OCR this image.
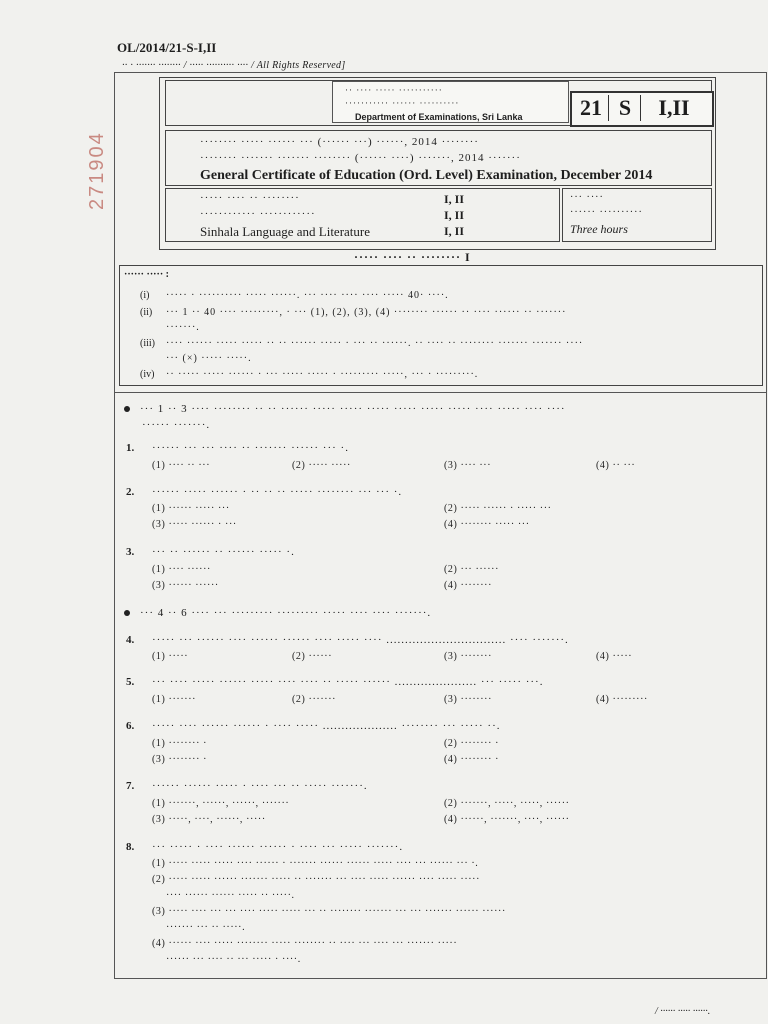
OL/2014/21-S-I,II
·· · ······· ········ / ····· ·········· ···· / All Rights Reserved]
271904
·· ···· ····· ···········
··········· ······ ··········
Department of Examinations, Sri Lanka	21 S	I,II
········ ····· ······ ··· (······ ···) ······, 2014 ········
········ ······· ······· ········ (······ ····) ·······, 2014 ·······
General Certificate of Education (Ord. Level) Examination, December 2014
····· ···· ·· ········
············ ············
Sinhala Language and Literature
I, II
I, II
I, II
··· ····
······ ··········
Three hours
····· ···· ·· ········ I
······ ····· :
(i) ····· · ·········· ····· ······. ··· ···· ···· ···· ····· 40· ····.
(ii) ··· 1 ·· 40 ···· ·········, · ··· (1), (2), (3), (4) ········ ······ ·· ···· ······ ·· ·······
·······.
(iii) ···· ······ ····· ····· ·· ·· ······ ····· · ··· ·· ······. ·· ···· ·· ········ ······· ······· ····
··· (×) ····· ·····.
(iv) ·· ····· ····· ······ · ··· ····· ····· · ········· ·····, ··· · ·········.
··· 1 ·· 3 ···· ········ ·· ·· ······ ····· ····· ····· ····· ····· ····· ···· ····· ···· ····
······ ·······.
1. ······ ··· ··· ···· ·· ······· ······ ··· ·.
(1) ···· ·· ···	(2) ····· ·····	(3) ···· ···	(4) ·· ···
2. ······ ····· ······ · ·· ·· ·· ····· ········ ··· ··· ·.
(1) ······ ····· ···	(2) ····· ······ · ····· ···
(3) ····· ······ · ···	(4) ········ ····· ···
3. ··· ·· ······ ·· ······ ····· ·.
(1) ···· ······	(2) ··· ······
(3) ······ ······	(4) ········
··· 4 ·· 6 ···· ··· ········· ········· ····· ···· ···· ·······.
4. ····· ··· ······ ···· ······ ······ ···· ····· ···· ................................ ···· ·······.
(1) ·····	(2) ······	(3) ········	(4) ·····
5. ··· ···· ····· ······ ····· ···· ···· ·· ····· ······ ...................... ··· ····· ···.
(1) ·······	(2) ·······	(3) ········	(4) ·········
6. ····· ···· ······ ······ · ···· ····· .................... ········ ··· ····· ··.
(1) ········ ·	(2) ········ ·
(3) ········ ·	(4) ········ ·
7. ······ ······ ····· · ···· ··· ·· ····· ·······.
(1) ·······, ······, ······, ·······	(2) ·······, ·····, ·····, ······
(3) ·····, ····, ······, ·····	(4) ······, ·······, ····, ······
8. ··· ····· · ···· ······ ······ · ···· ··· ····· ·······.
(1) ····· ····· ····· ···· ······ · ······· ······ ······ ····· ···· ··· ······ ··· ·.
(2) ····· ····· ······ ······· ····· ·· ······· ··· ···· ····· ······ ···· ····· ·····
···· ······ ······ ····· ·· ·····.
(3) ····· ···· ··· ··· ···· ····· ····· ··· ·· ········ ······· ··· ··· ······· ······ ······
······· ··· ·· ·····.
(4) ······ ···· ····· ········ ····· ········ ·· ···· ··· ···· ··· ······· ·····
······ ··· ···· ·· ··· ····· · ····.
/ ······ ····· ······.
